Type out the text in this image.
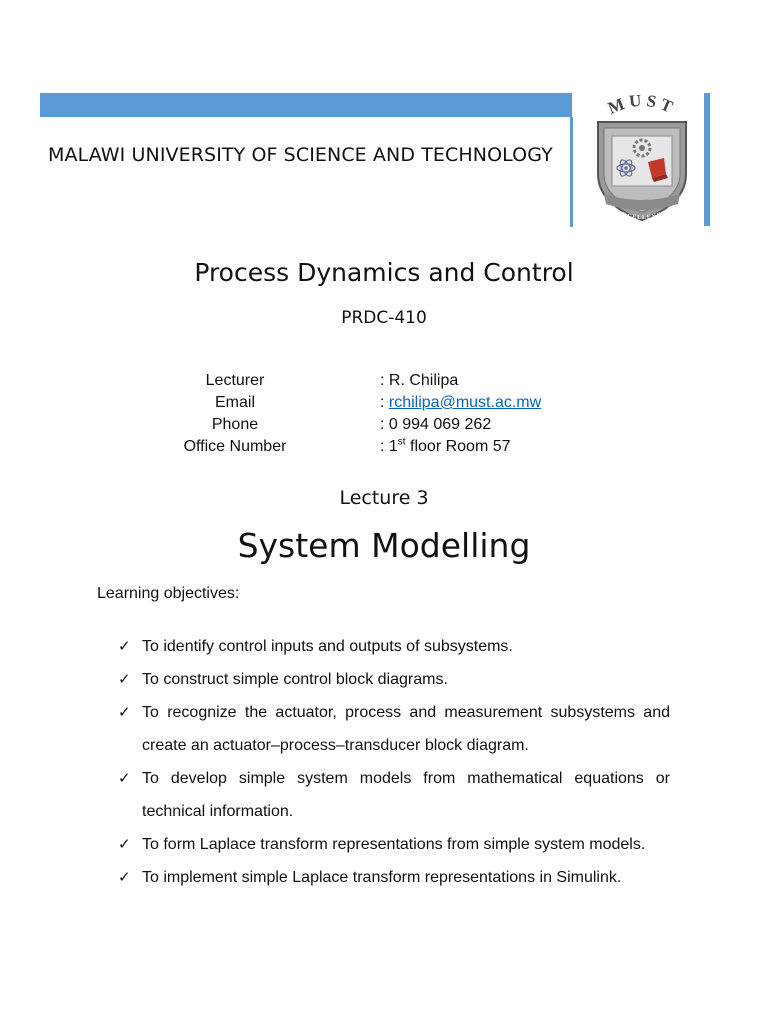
MALAWI UNIVERSITY OF SCIENCE AND TECHNOLOGY
MUST
EXCELLENCE
Process Dynamics and Control
PRDC-410
Lecturer	: R. Chilipa
Email	: rchilipa@must.ac.mw
Phone	: 0 994 069 262
Office Number	: 1st floor Room 57
Lecture 3
System Modelling
Learning objectives:
✓ To identify control inputs and outputs of subsystems.
✓ To construct simple control block diagrams.
✓ To recognize the actuator, process and measurement subsystems and create an actuator–process–transducer block diagram.
✓ To develop simple system models from mathematical equations or technical information.
✓ To form Laplace transform representations from simple system models.
✓ To implement simple Laplace transform representations in Simulink.
